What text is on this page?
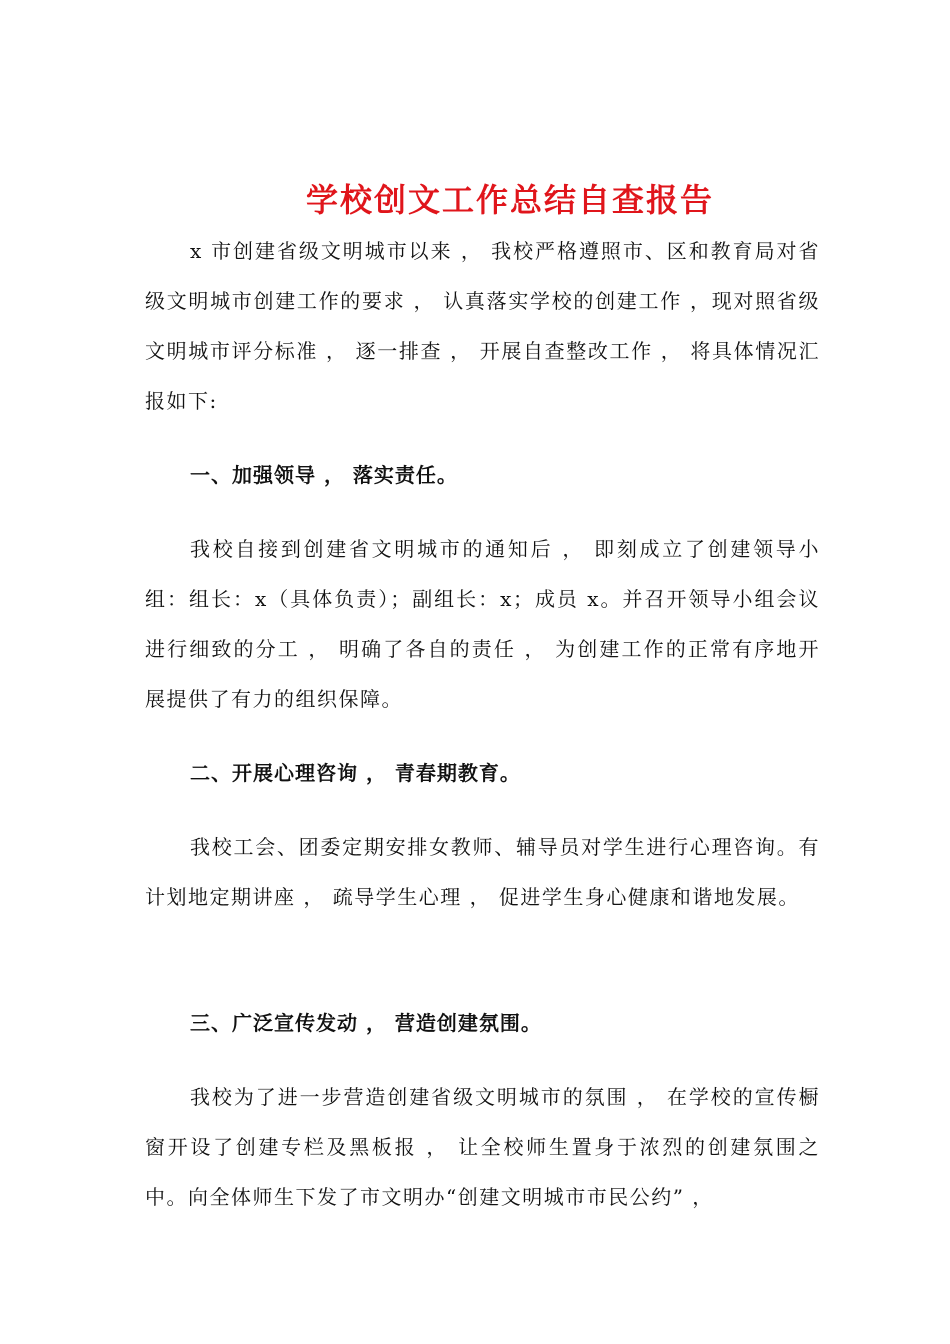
学校创文工作总结自查报告

x 市创建省级文明城市以来 ， 我校严格遵照市、区和教育局对省级文明城市创建工作的要求 ， 认真落实学校的创建工作 ，现对照省级文明城市评分标准 ， 逐一排查 ， 开展自查整改工作 ， 将具体情况汇报如下:

一、加强领导 ， 落实责任。

我校自接到创建省文明城市的通知后 ， 即刻成立了创建领导小组：组长：x（具体负责）；副组长：x；成员 x。并召开领导小组会议进行细致的分工 ， 明确了各自的责任 ， 为创建工作的正常有序地开展提供了有力的组织保障。

二、开展心理咨询 ， 青春期教育。

我校工会、团委定期安排女教师、辅导员对学生进行心理咨询。有计划地定期讲座 ， 疏导学生心理 ， 促进学生身心健康和谐地发展。

三、广泛宣传发动 ， 营造创建氛围。

我校为了进一步营造创建省级文明城市的氛围 ， 在学校的宣传橱窗开设了创建专栏及黑板报 ， 让全校师生置身于浓烈的创建氛围之中。向全体师生下发了市文明办“创建文明城市市民公约” ，
